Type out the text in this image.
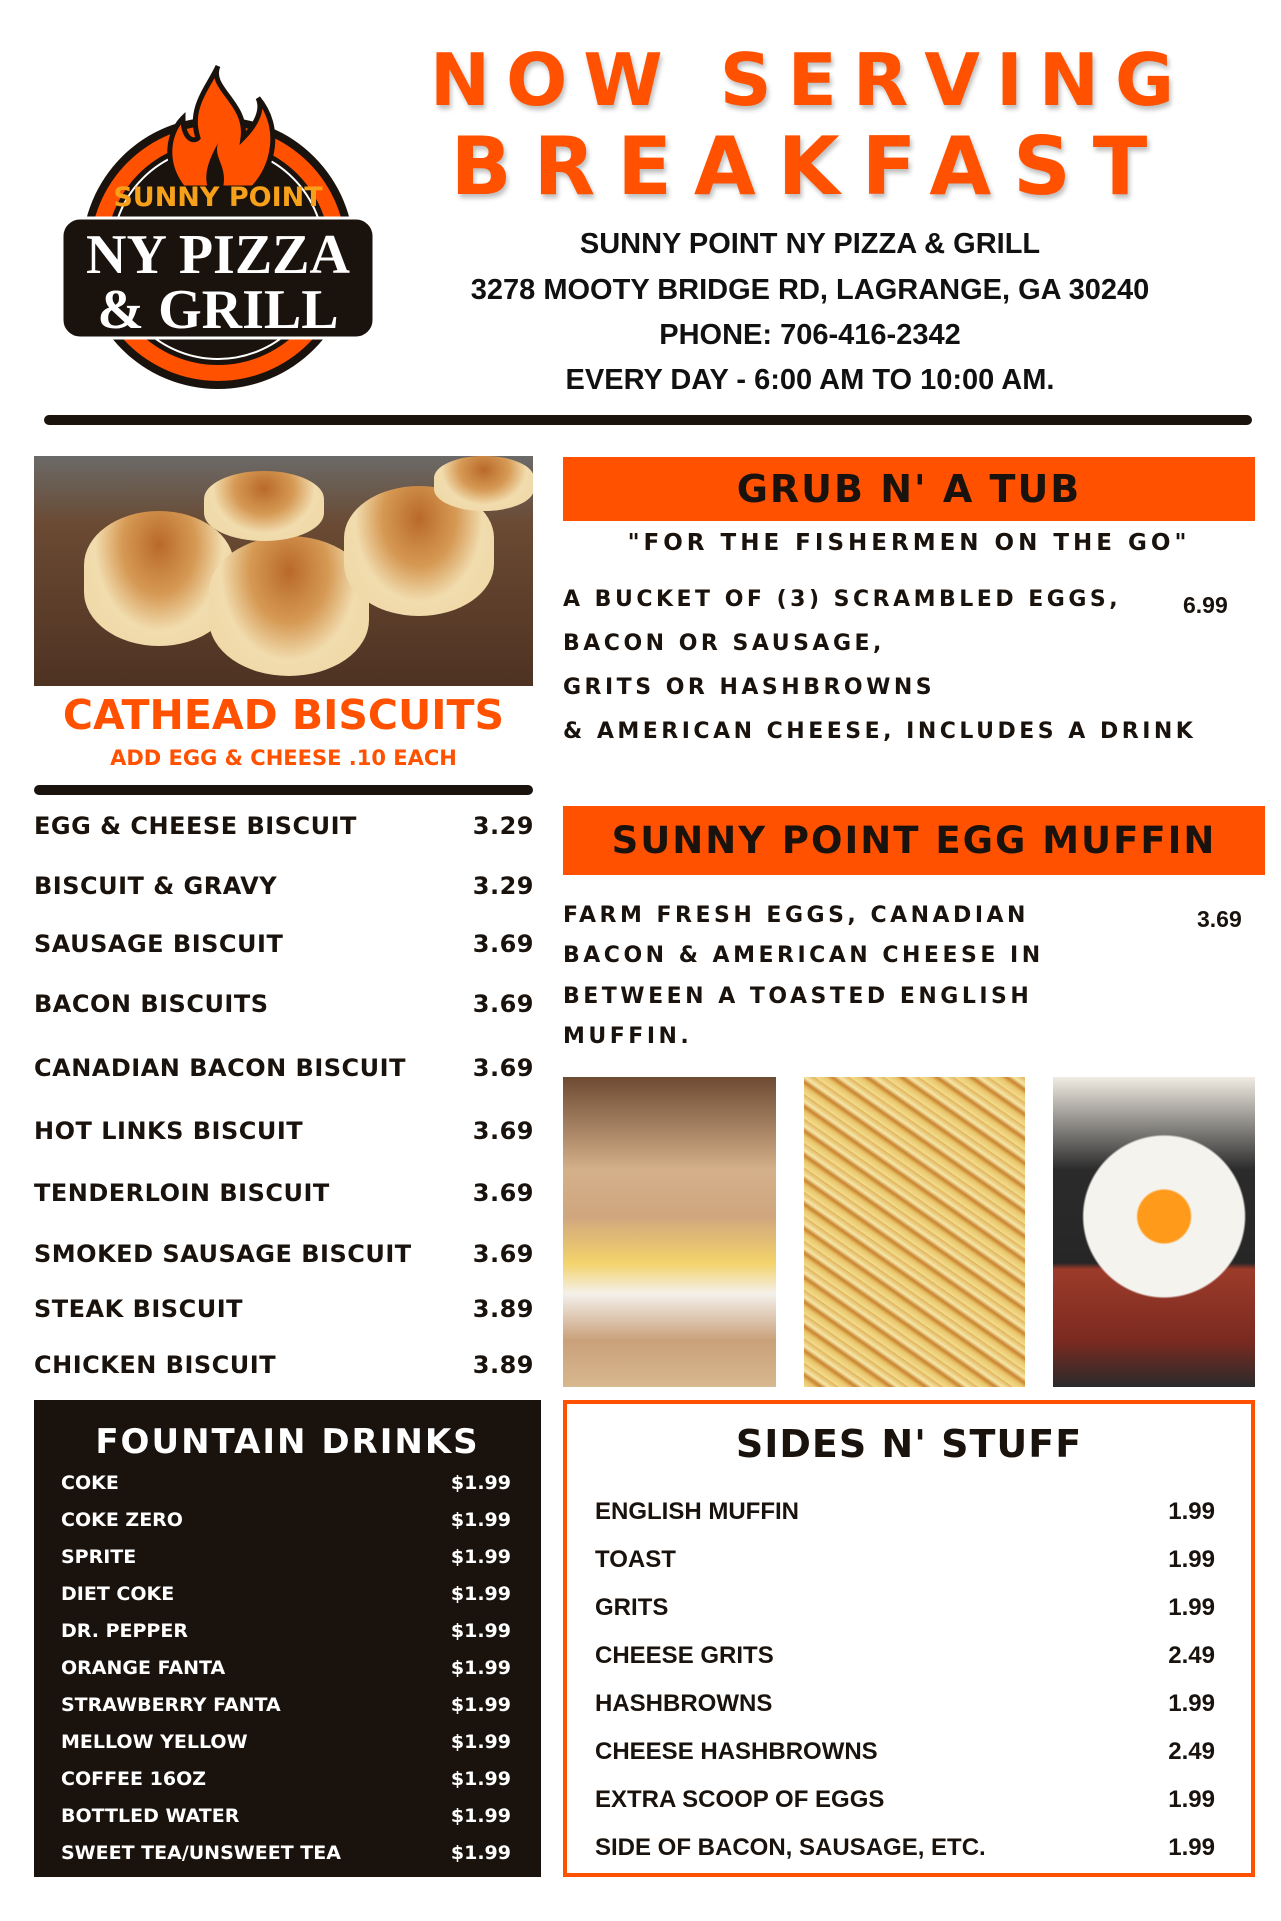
SUNNY POINT
NY PIZZA
& GRILL
NOW SERVING
BREAKFAST
SUNNY POINT NY PIZZA & GRILL
3278 MOOTY BRIDGE RD, LAGRANGE, GA 30240
PHONE: 706-416-2342
EVERY DAY - 6:00 AM TO 10:00 AM.
CATHEAD BISCUITS
ADD EGG & CHEESE .10 EACH
EGG & CHEESE BISCUIT	3.29
BISCUIT & GRAVY	3.29
SAUSAGE BISCUIT	3.69
BACON BISCUITS	3.69
CANADIAN BACON BISCUIT	3.69
HOT LINKS BISCUIT	3.69
TENDERLOIN BISCUIT	3.69
SMOKED SAUSAGE BISCUIT	3.69
STEAK BISCUIT	3.89
CHICKEN BISCUIT	3.89
FOUNTAIN DRINKS
COKE	$1.99
COKE ZERO	$1.99
SPRITE	$1.99
DIET COKE	$1.99
DR. PEPPER	$1.99
ORANGE FANTA	$1.99
STRAWBERRY FANTA	$1.99
MELLOW YELLOW	$1.99
COFFEE 16OZ	$1.99
BOTTLED WATER	$1.99
SWEET TEA/UNSWEET TEA	$1.99
GRUB N' A TUB
"FOR THE FISHERMEN ON THE GO"
A BUCKET OF (3) SCRAMBLED EGGS,
BACON OR SAUSAGE,
GRITS OR HASHBROWNS
& AMERICAN CHEESE, INCLUDES A DRINK
6.99
SUNNY POINT EGG MUFFIN
FARM FRESH EGGS, CANADIAN
BACON & AMERICAN CHEESE IN
BETWEEN A TOASTED ENGLISH
MUFFIN.
3.69
SIDES N' STUFF
ENGLISH MUFFIN	1.99
TOAST	1.99
GRITS	1.99
CHEESE GRITS	2.49
HASHBROWNS	1.99
CHEESE HASHBROWNS	2.49
EXTRA SCOOP OF EGGS	1.99
SIDE OF BACON, SAUSAGE, ETC.	1.99
